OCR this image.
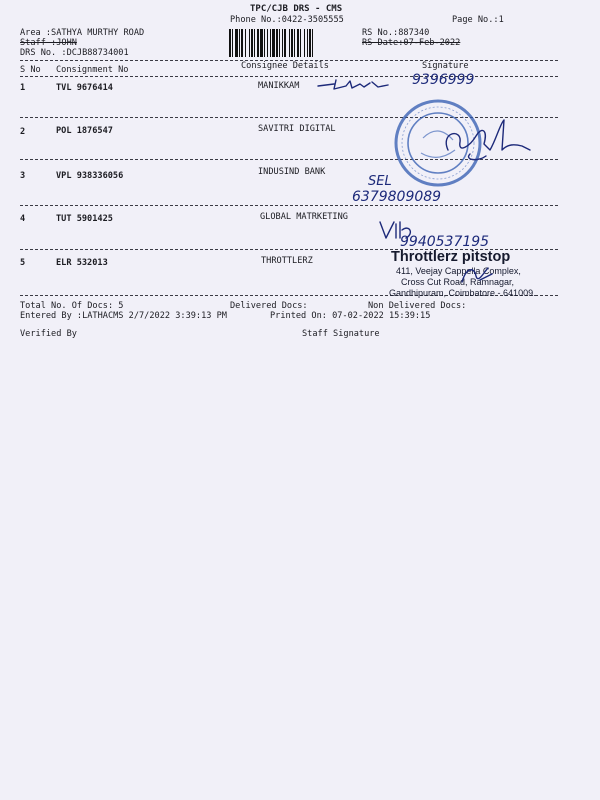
TPC/CJB DRS - CMS
Phone No.:0422-3505555	Page No.:1
Area :SATHYA MURTHY ROAD
Staff :JOHN
DRS No. :DCJB88734001
RS No.:887340
RS Date:07-Feb-2022
S No Consignment No	Consignee Details	Signature
1	TVL 9676414	MANIKKAM
2	POL 1876547	SAVITRI DIGITAL
3	VPL 938336056	INDUSIND BANK
4	TUT 5901425	GLOBAL MATRKETING
5	ELR 532013	THROTTLERZ
9396999
SEL
6379809089
9940537195
Throttlerz pitstop
411, Veejay Cappella Complex,
Cross Cut Road, Ramnagar,
Gandhipuram, Coimbatore - 641009.
Total No. Of Docs: 5	Delivered Docs:	Non Delivered Docs:
Entered By :LATHACMS 2/7/2022 3:39:13 PM	Printed On: 07-02-2022 15:39:15
Verified By	Staff Signature
